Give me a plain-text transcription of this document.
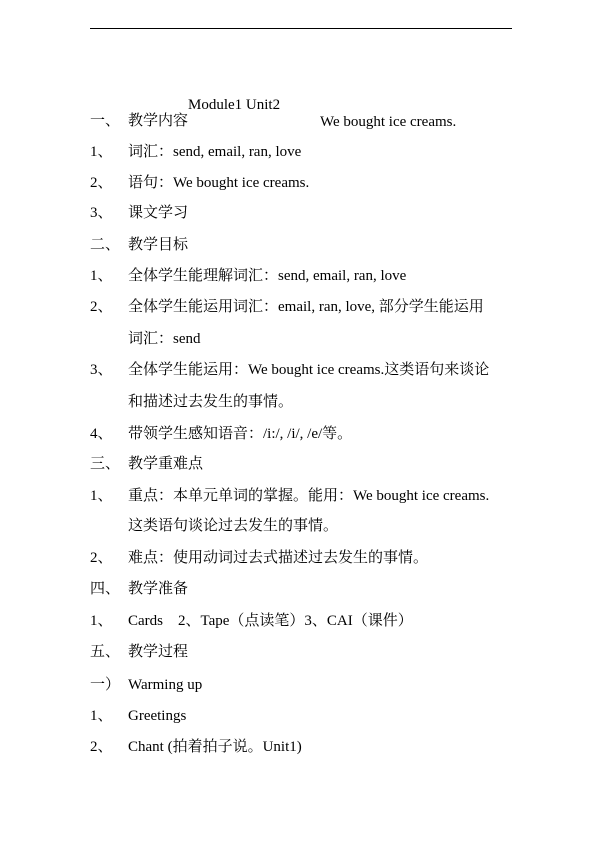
Module1 Unit2

We bought ice creams.

一、 教学内容
1、 词汇：send, email, ran, love
2、 语句：We bought ice creams.
3、 课文学习
二、 教学目标
1、 全体学生能理解词汇：send, email, ran, love
2、 全体学生能运用词汇：email, ran, love, 部分学生能运用
词汇：send
3、 全体学生能运用：We bought ice creams.这类语句来谈论
和描述过去发生的事情。
4、 带领学生感知语音：/i:/, /i/, /e/等。
三、 教学重难点
1、 重点：本单元单词的掌握。能用：We bought ice creams.
这类语句谈论过去发生的事情。
2、 难点：使用动词过去式描述过去发生的事情。
四、 教学准备
1、 Cards    2、Tape（点读笔）3、CAI（课件）
五、 教学过程
一） Warming up
1、 Greetings
2、 Chant (拍着拍子说。Unit1)
